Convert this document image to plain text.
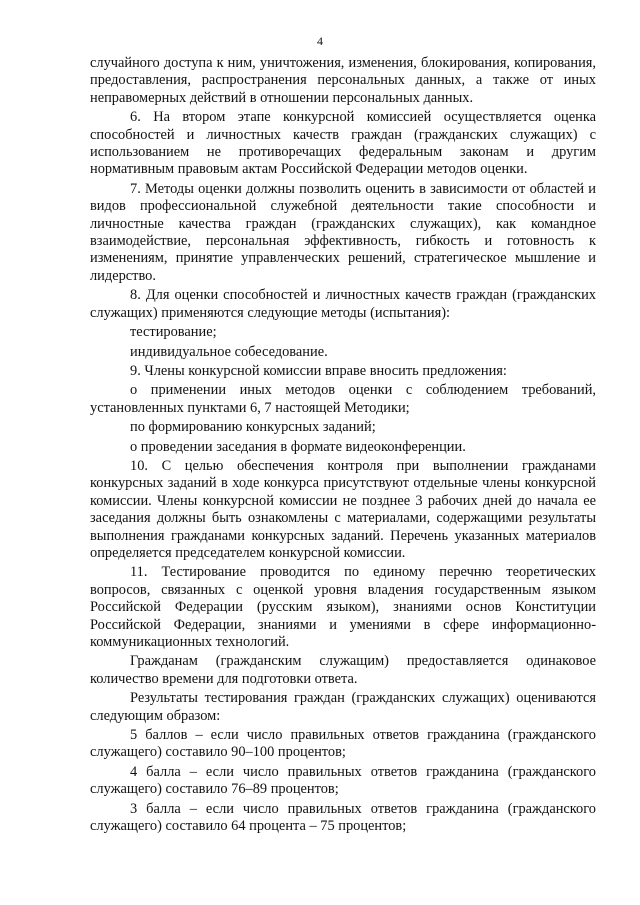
4

случайного доступа к ним, уничтожения, изменения, блокирования, копирования, предоставления, распространения персональных данных, а также от иных неправомерных действий в отношении персональных данных.

6. На втором этапе конкурсной комиссией осуществляется оценка способностей и личностных качеств граждан (гражданских служащих) с использованием не противоречащих федеральным законам и другим нормативным правовым актам Российской Федерации методов оценки.

7. Методы оценки должны позволить оценить в зависимости от областей и видов профессиональной служебной деятельности такие способности и личностные качества граждан (гражданских служащих), как командное взаимодействие, персональная эффективность, гибкость и готовность к изменениям, принятие управленческих решений, стратегическое мышление и лидерство.

8. Для оценки способностей и личностных качеств граждан (гражданских служащих) применяются следующие методы (испытания):

тестирование;

индивидуальное собеседование.

9. Члены конкурсной комиссии вправе вносить предложения:

о применении иных методов оценки с соблюдением требований, установленных пунктами 6, 7 настоящей Методики;

по формированию конкурсных заданий;

о проведении заседания в формате видеоконференции.

10. С целью обеспечения контроля при выполнении гражданами конкурсных заданий в ходе конкурса присутствуют отдельные члены конкурсной комиссии. Члены конкурсной комиссии не позднее 3 рабочих дней до начала ее заседания должны быть ознакомлены с материалами, содержащими результаты выполнения гражданами конкурсных заданий. Перечень указанных материалов определяется председателем конкурсной комиссии.

11. Тестирование проводится по единому перечню теоретических вопросов, связанных с оценкой уровня владения государственным языком Российской Федерации (русским языком), знаниями основ Конституции Российской Федерации, знаниями и умениями в сфере информационно-коммуникационных технологий.

Гражданам (гражданским служащим) предоставляется одинаковое количество времени для подготовки ответа.

Результаты тестирования граждан (гражданских служащих) оцениваются следующим образом:

5 баллов – если число правильных ответов гражданина (гражданского служащего) составило 90–100 процентов;

4 балла – если число правильных ответов гражданина (гражданского служащего) составило 76–89 процентов;

3 балла – если число правильных ответов гражданина (гражданского служащего) составило 64 процента – 75 процентов;
